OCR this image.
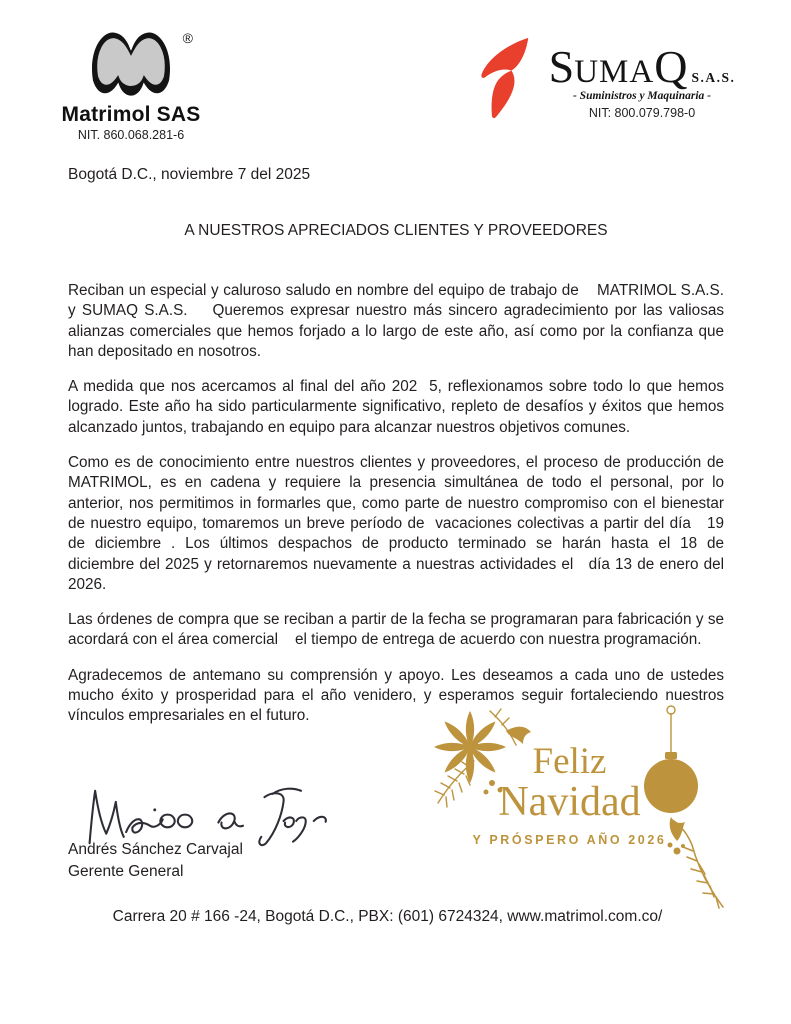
®
Matrimol SAS
NIT. 860.068.281-6
SUMAQ S.A.S.
- Suministros y Maquinaria -
NIT: 800.079.798-0
Bogotá D.C., noviembre 7 del 2025
A NUESTROS APRECIADOS CLIENTES Y PROVEEDORES

Reciban un especial y caluroso saludo en nombre del equipo de trabajo de    MATRIMOL S.A.S.   y SUMAQ S.A.S.    Queremos expresar nuestro más sincero agradecimiento por las valiosas alianzas comerciales que hemos forjado a lo largo de este año, así como por la confianza que han depositado en nosotros.

A medida que nos acercamos al final del año 202  5, reflexionamos sobre todo lo que hemos logrado. Este año ha sido particularmente significativo, repleto de desafíos y éxitos que hemos alcanzado juntos, trabajando en equipo para alcanzar nuestros objetivos comunes.

Como es de conocimiento entre nuestros clientes y proveedores, el proceso de producción de MATRIMOL, es en cadena y requiere la presencia simultánea de todo el personal, por lo anterior, nos permitimos in formarles que, como parte de nuestro compromiso con el bienestar de nuestro equipo, tomaremos un breve período de  vacaciones colectivas a partir del día   19 de diciembre . Los últimos despachos de producto terminado se harán hasta el 18 de    diciembre del 2025 y retornaremos nuevamente a nuestras actividades el   día 13 de enero del 2026.

Las órdenes de compra que se reciban a partir de la fecha se programaran para fabricación y se acordará con el área comercial    el tiempo de entrega de acuerdo con nuestra programación.

Agradecemos de antemano su comprensión y apoyo. Les deseamos a cada uno de ustedes mucho éxito y prosperidad para el año venidero, y esperamos seguir fortaleciendo nuestros vínculos empresariales en el futuro.

Feliz
Navidad
Y PRÓSPERO AÑO 2026
Andrés Sánchez Carvajal
Gerente General
Carrera 20 # 166 -24, Bogotá D.C., PBX: (601) 6724324, www.matrimol.com.co/
